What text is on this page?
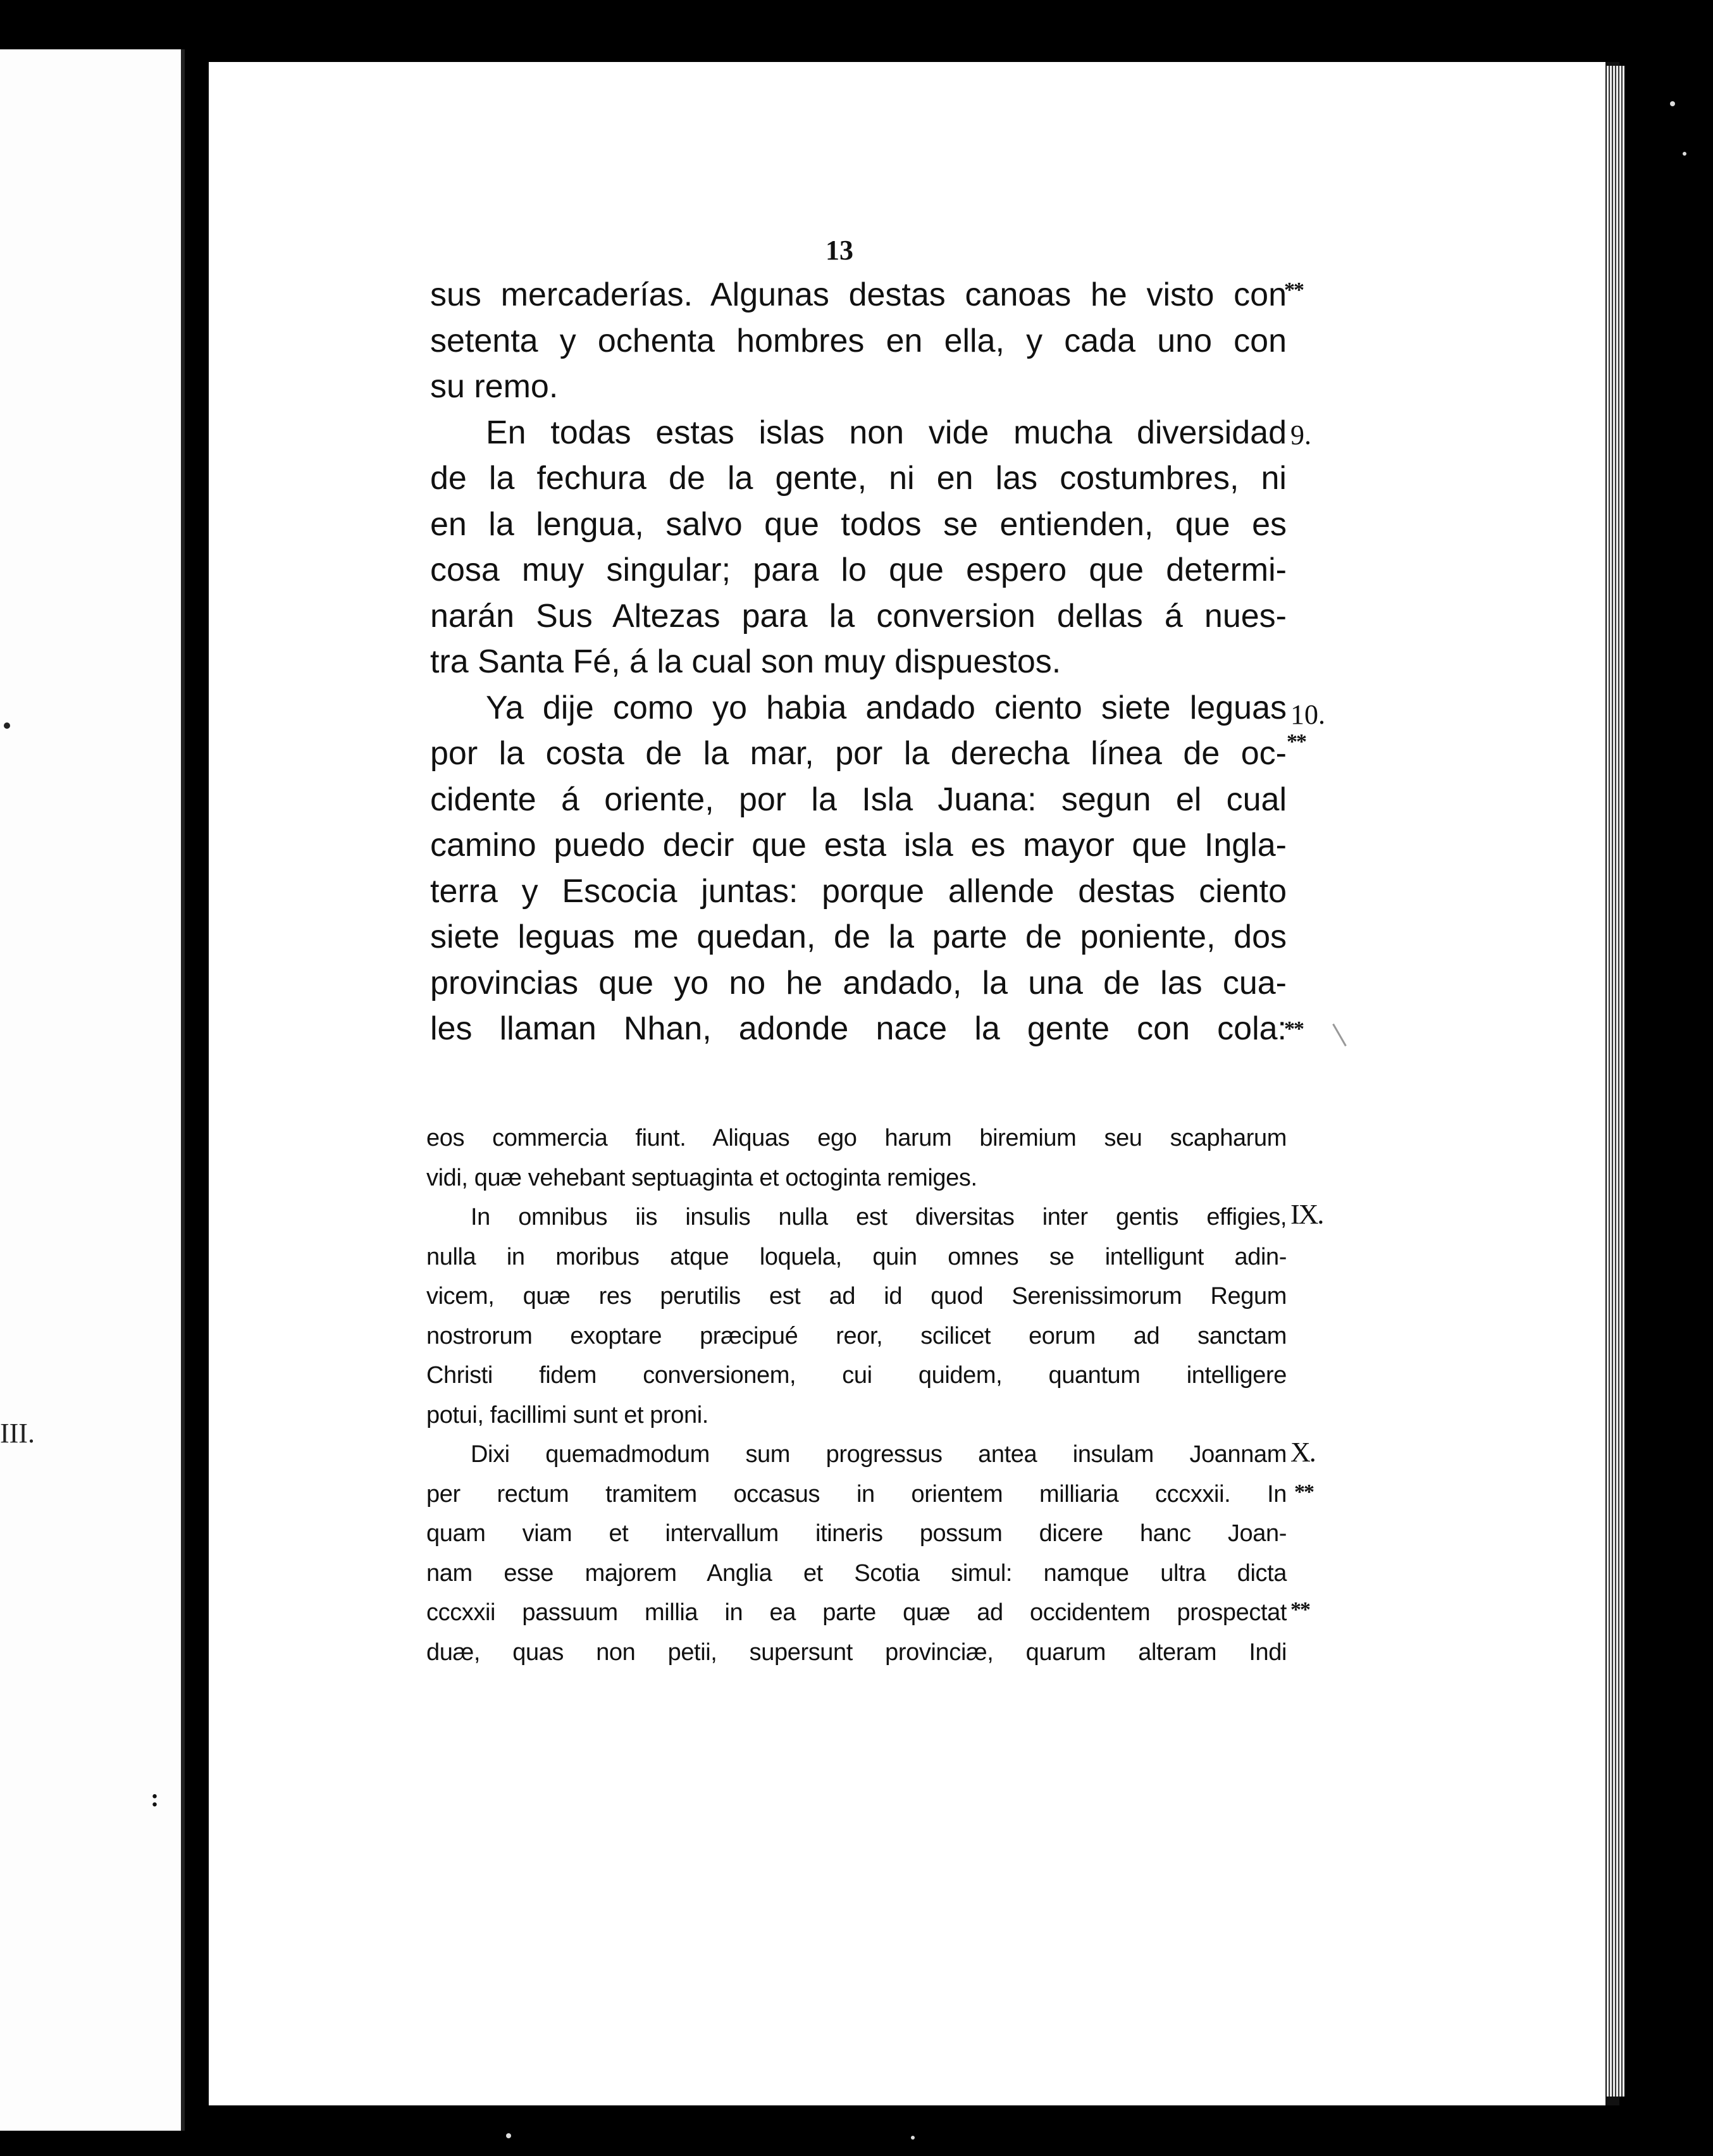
III.
:
13
sus mercaderías. Algunas destas canoas he visto con
setenta y ochenta hombres en ella, y cada uno con
su remo.
En todas estas islas non vide mucha diversidad
de la fechura de la gente, ni en las costumbres, ni
en la lengua, salvo que todos se entienden, que es
cosa muy singular; para lo que espero que determi-
narán Sus Altezas para la conversion dellas á nues-
tra Santa Fé, á la cual son muy dispuestos.
Ya dije como yo habia andado ciento siete leguas
por la costa de la mar, por la derecha línea de oc-
cidente á oriente, por la Isla Juana: segun el cual
camino puedo decir que esta isla es mayor que Ingla-
terra y Escocia juntas: porque allende destas ciento
siete leguas me quedan, de la parte de poniente, dos
provincias que yo no he andado, la una de las cua-
les llaman Nhan, adonde nace la gente con cola:
eos commercia fiunt. Aliquas ego harum biremium seu scapharum
vidi, quæ vehebant septuaginta et octoginta remiges.
In omnibus iis insulis nulla est diversitas inter gentis effigies,
nulla in moribus atque loquela, quin omnes se intelligunt adin-
vicem, quæ res perutilis est ad id quod Serenissimorum Regum
nostrorum exoptare præcipué reor, scilicet eorum ad sanctam
Christi fidem conversionem, cui quidem, quantum intelligere
potui, facillimi sunt et proni.
Dixi quemadmodum sum progressus antea insulam Joannam
per rectum tramitem occasus in orientem milliaria cccxxii. In
quam viam et intervallum itineris possum dicere hanc Joan-
nam esse majorem Anglia et Scotia simul: namque ultra dicta
cccxxii passuum millia in ea parte quæ ad occidentem prospectat
duæ, quas non petii, supersunt provinciæ, quarum alteram Indi
**
9.
10.
**
**
IX.
X.
**
**
